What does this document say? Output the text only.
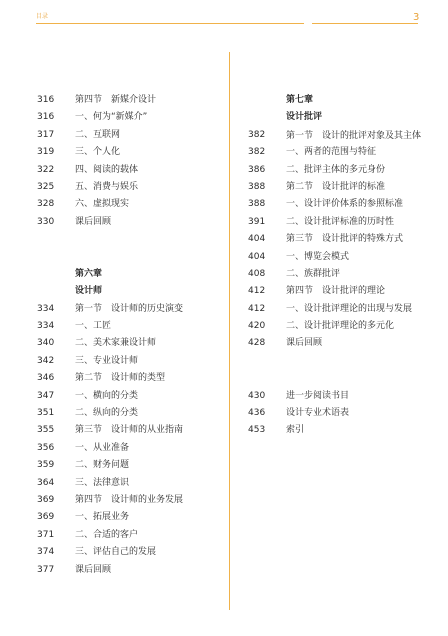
目录	3
316	第四节　新媒介设计
316	一、何为“新媒介”
317	二、互联网
319	三、个人化
322	四、阅读的载体
325	五、消费与娱乐
328	六、虚拟现实
330	课后回顾
第六章
设计师
334	第一节　设计师的历史演变
334	一、工匠
340	二、美术家兼设计师
342	三、专业设计师
346	第二节　设计师的类型
347	一、横向的分类
351	二、纵向的分类
355	第三节　设计师的从业指南
356	一、从业准备
359	二、财务问题
364	三、法律意识
369	第四节　设计师的业务发展
369	一、拓展业务
371	二、合适的客户
374	三、评估自己的发展
377	课后回顾
第七章
设计批评
382	第一节　设计的批评对象及其主体
382	一、两者的范围与特征
386	二、批评主体的多元身份
388	第二节　设计批评的标准
388	一、设计评价体系的参照标准
391	二、设计批评标准的历时性
404	第三节　设计批评的特殊方式
404	一、博览会模式
408	二、族群批评
412	第四节　设计批评的理论
412	一、设计批评理论的出现与发展
420	二、设计批评理论的多元化
428	课后回顾
430	进一步阅读书目
436	设计专业术语表
453	索引
